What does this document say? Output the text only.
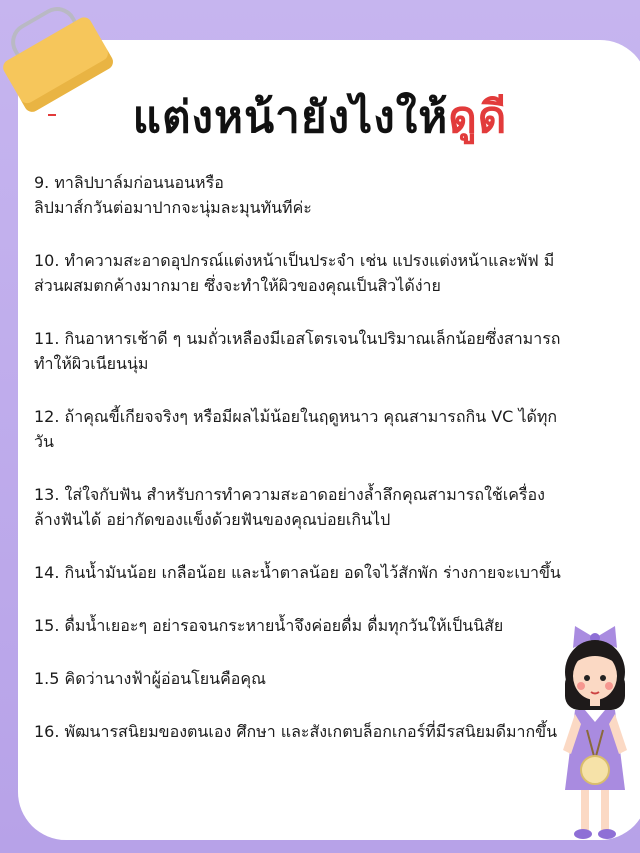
แต่งหน้ายังไงให้ดูดี
9. ทาลิปบาล์มก่อนนอนหรือ
ลิปมาส์กวันต่อมาปากจะนุ่มละมุนทันทีค่ะ
10. ทำความสะอาดอุปกรณ์แต่งหน้าเป็นประจำ เช่น แปรงแต่งหน้าและพัฟ มี
ส่วนผสมตกค้างมากมาย ซึ่งจะทำให้ผิวของคุณเป็นสิวได้ง่าย
11. กินอาหารเช้าดี ๆ นมถั่วเหลืองมีเอสโตรเจนในปริมาณเล็กน้อยซึ่งสามารถ
ทำให้ผิวเนียนนุ่ม
12. ถ้าคุณขี้เกียจจริงๆ หรือมีผลไม้น้อยในฤดูหนาว คุณสามารถกิน VC ได้ทุก
วัน
13. ใส่ใจกับฟัน สำหรับการทำความสะอาดอย่างล้ำลึกคุณสามารถใช้เครื่อง
ล้างฟันได้ อย่ากัดของแข็งด้วยฟันของคุณบ่อยเกินไป
14. กินน้ำมันน้อย เกลือน้อย และน้ำตาลน้อย อดใจไว้สักพัก ร่างกายจะเบาขึ้น
15. ดื่มน้ำเยอะๆ อย่ารอจนกระหายน้ำจึงค่อยดื่ม ดื่มทุกวันให้เป็นนิสัย
1.5 คิดว่านางฟ้าผู้อ่อนโยนคือคุณ
16. พัฒนารสนิยมของตนเอง ศึกษา และสังเกตบล็อกเกอร์ที่มีรสนิยมดีมากขึ้น
